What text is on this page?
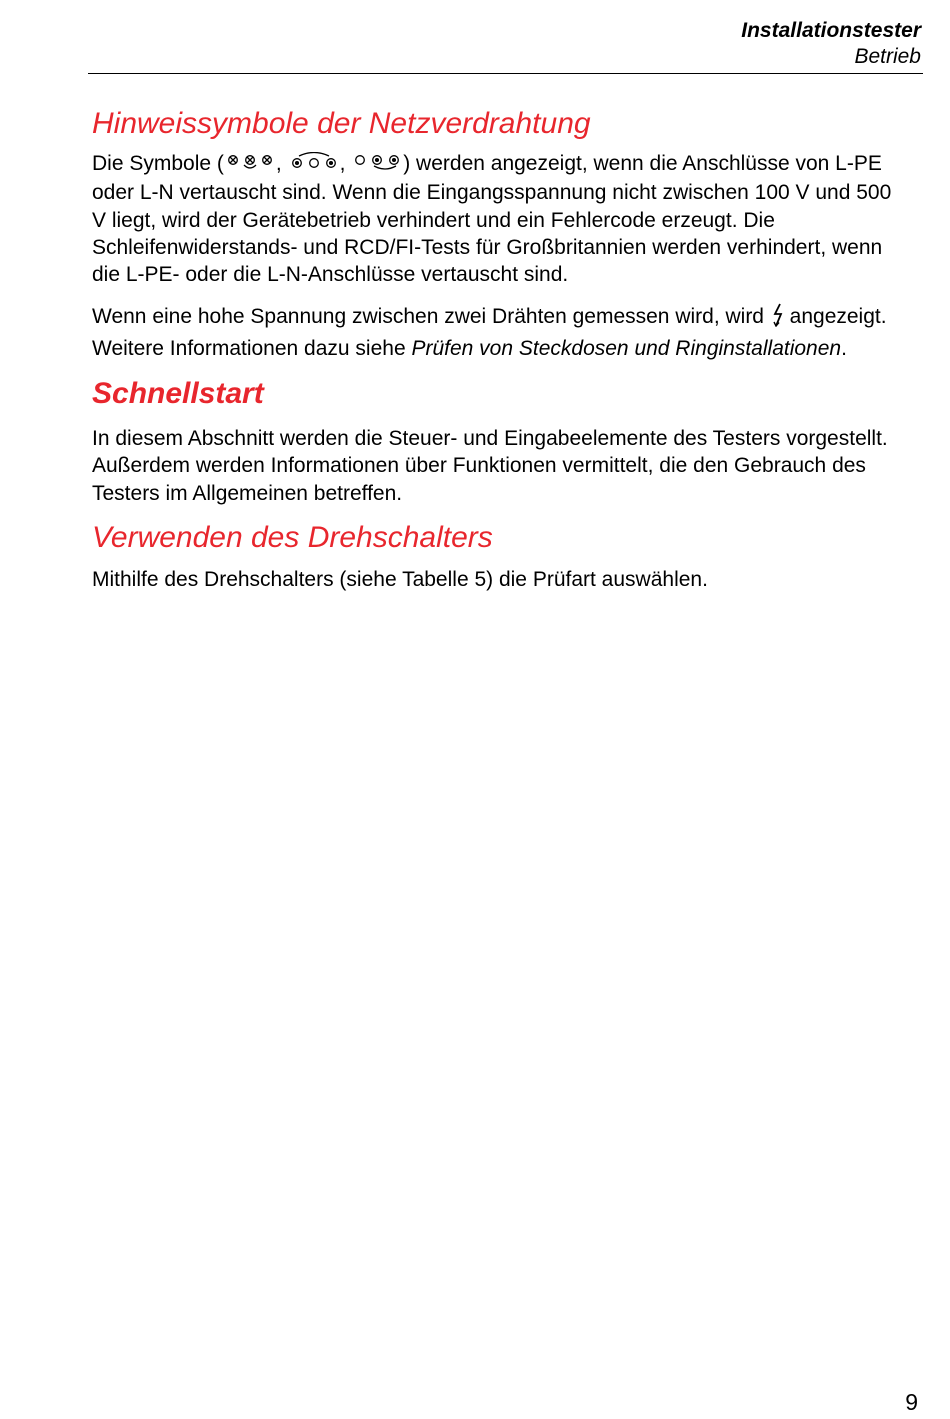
Installationstester
Betrieb
Hinweissymbole der Netzverdrahtung

Die Symbole ( , , ) werden angezeigt, wenn die Anschlüsse von L-PE oder L-N vertauscht sind. Wenn die Eingangsspannung nicht zwischen 100 V und 500 V liegt, wird der Gerätebetrieb verhindert und ein Fehlercode erzeugt. Die Schleifenwiderstands- und RCD/FI-Tests für Großbritannien werden verhindert, wenn die L-PE- oder die L-N-Anschlüsse vertauscht sind.

Wenn eine hohe Spannung zwischen zwei Drähten gemessen wird, wird  angezeigt. Weitere Informationen dazu siehe Prüfen von Steckdosen und Ringinstallationen.

Schnellstart

In diesem Abschnitt werden die Steuer- und Eingabeelemente des Testers vorgestellt. Außerdem werden Informationen über Funktionen vermittelt, die den Gebrauch des Testers im Allgemeinen betreffen.

Verwenden des Drehschalters

Mithilfe des Drehschalters (siehe Tabelle 5) die Prüfart auswählen.

9
